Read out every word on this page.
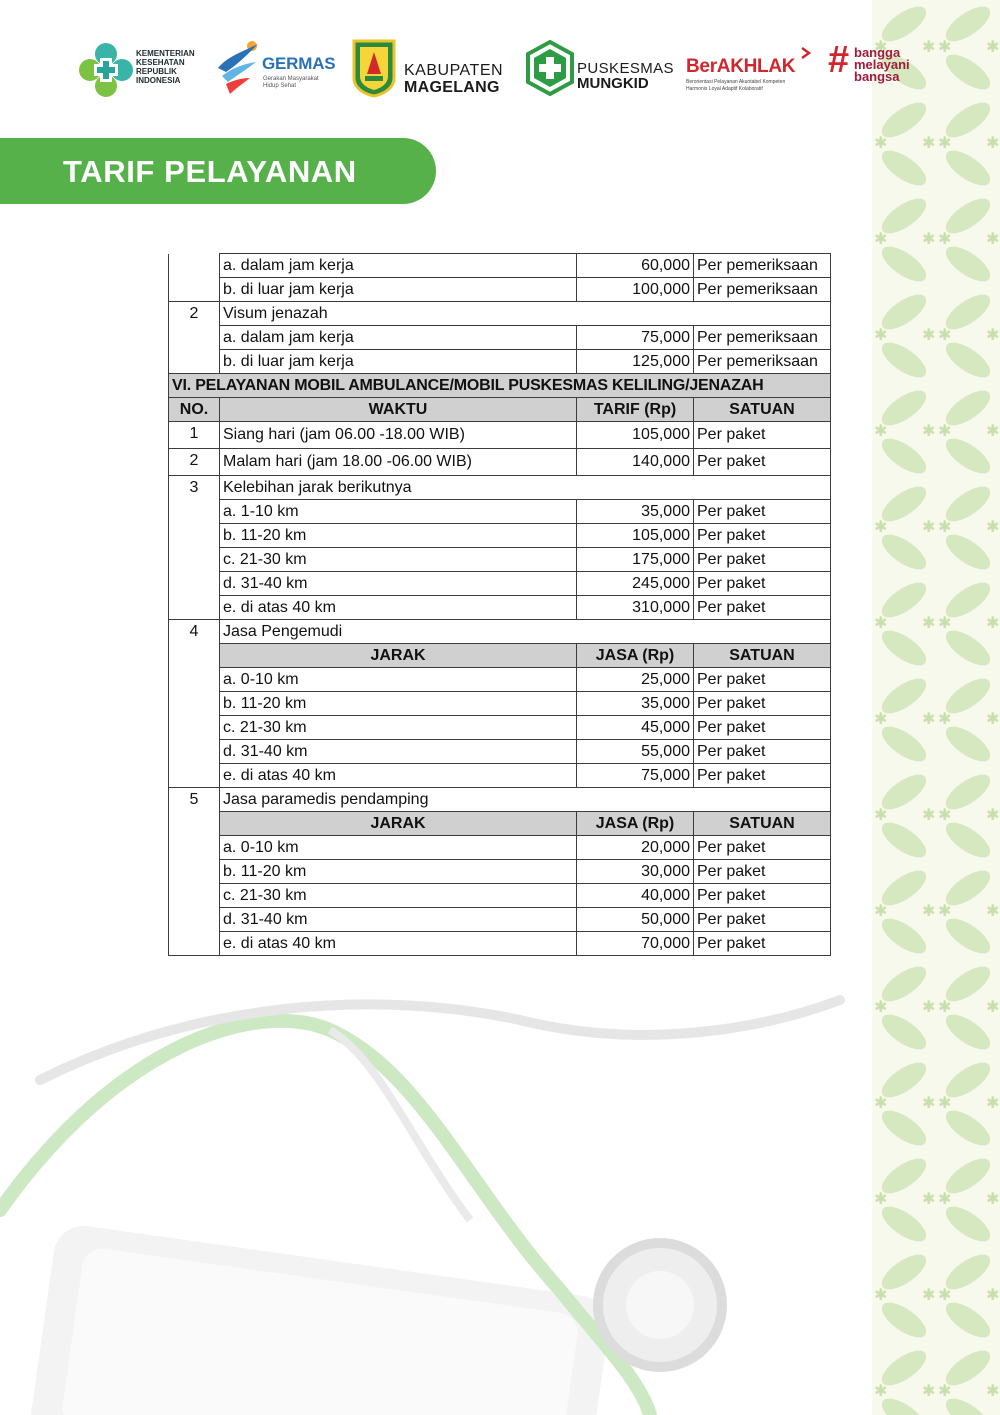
KEMENTERIAN
KESEHATAN
REPUBLIK
INDONESIA
GERMAS
Gerakan Masyarakat
Hidup Sehat
KABUPATEN
MAGELANG
PUSKESMAS
MUNGKID
BerAKHLAK
Berorientasi Pelayanan Akuntabel Kompeten
Harmonis Loyal Adaptif Kolaboratif
# bangga
melayani
bangsa
TARIF PELAYANAN
	a. dalam jam kerja	60,000	Per pemeriksaan
	b. di luar jam kerja	100,000	Per pemeriksaan
2	Visum jenazah		
	a. dalam jam kerja	75,000	Per pemeriksaan
	b. di luar jam kerja	125,000	Per pemeriksaan
VI. PELAYANAN MOBIL AMBULANCE/MOBIL PUSKESMAS KELILING/JENAZAH			
NO.	WAKTU	TARIF (Rp)	SATUAN
1	Siang hari (jam 06.00 -18.00 WIB)	105,000	Per paket
2	Malam hari (jam 18.00 -06.00 WIB)	140,000	Per paket
3	Kelebihan jarak berikutnya		
	a. 1-10 km	35,000	Per paket
	b. 11-20 km	105,000	Per paket
	c. 21-30 km	175,000	Per paket
	d. 31-40 km	245,000	Per paket
	e. di atas 40 km	310,000	Per paket
4	Jasa Pengemudi		
	JARAK	JASA (Rp)	SATUAN
	a. 0-10 km	25,000	Per paket
	b. 11-20 km	35,000	Per paket
	c. 21-30 km	45,000	Per paket
	d. 31-40 km	55,000	Per paket
	e. di atas 40 km	75,000	Per paket
5	Jasa paramedis pendamping		
	JARAK	JASA (Rp)	SATUAN
	a. 0-10 km	20,000	Per paket
	b. 11-20 km	30,000	Per paket
	c. 21-30 km	40,000	Per paket
	d. 31-40 km	50,000	Per paket
	e. di atas 40 km	70,000	Per paket
